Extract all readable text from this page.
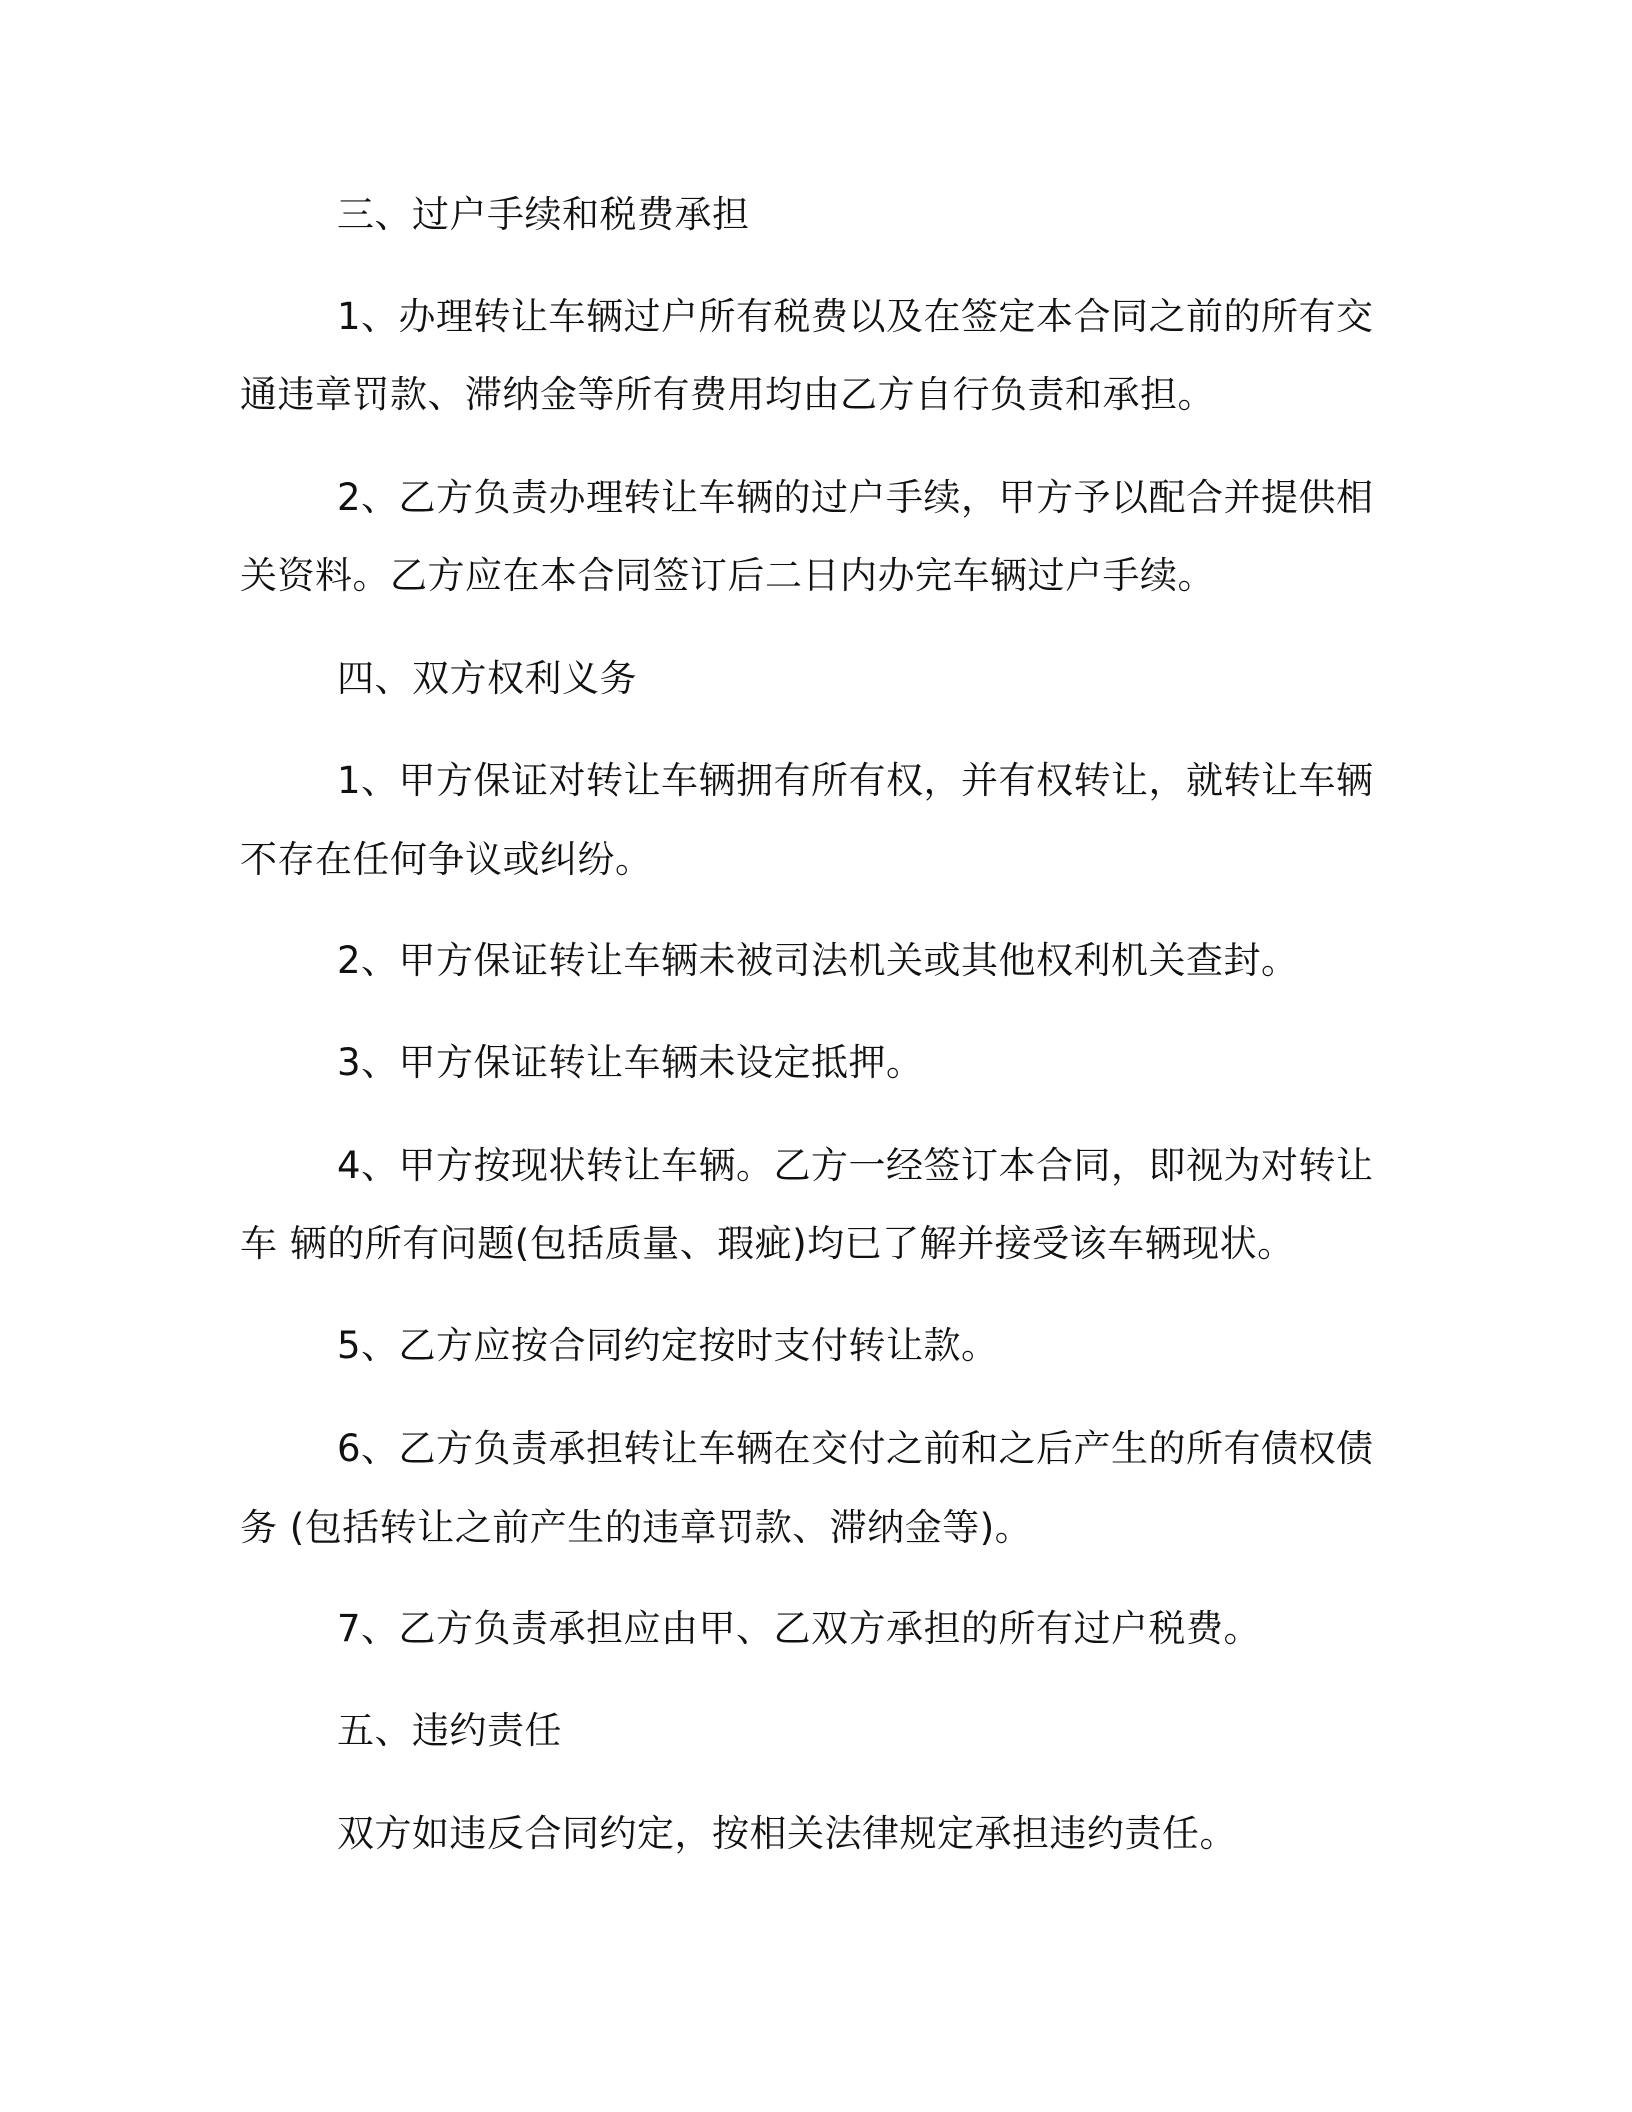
三、过户手续和税费承担
1、办理转让车辆过户所有税费以及在签定本合同之前的所有交
通违章罚款、滞纳金等所有费用均由乙方自行负责和承担。
2、乙方负责办理转让车辆的过户手续，甲方予以配合并提供相
关资料。乙方应在本合同签订后二日内办完车辆过户手续。
四、双方权利义务
1、甲方保证对转让车辆拥有所有权，并有权转让，就转让车辆
不存在任何争议或纠纷。
2、甲方保证转让车辆未被司法机关或其他权利机关查封。
3、甲方保证转让车辆未设定抵押。
4、甲方按现状转让车辆。乙方一经签订本合同，即视为对转让
车 辆的所有问题(包括质量、瑕疵)均已了解并接受该车辆现状。
5、乙方应按合同约定按时支付转让款。
6、乙方负责承担转让车辆在交付之前和之后产生的所有债权债
务 (包括转让之前产生的违章罚款、滞纳金等)。
7、乙方负责承担应由甲、乙双方承担的所有过户税费。
五、违约责任
双方如违反合同约定，按相关法律规定承担违约责任。
